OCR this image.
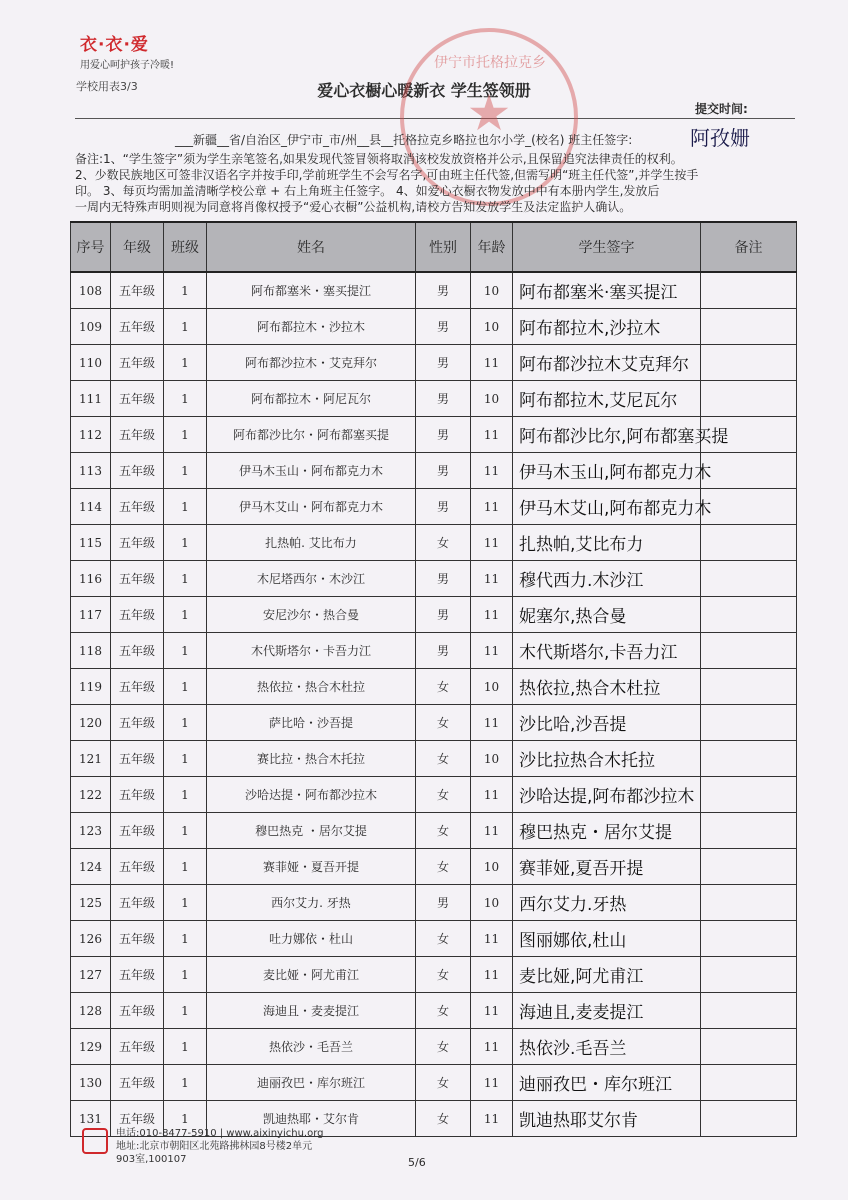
衣·衣·爱
用爱心呵护孩子冷暖!
学校用表3/3	爱心衣橱心暖新衣 学生签领册
提交时间:
伊宁市托格拉克乡
★
___新疆__省/自治区_伊宁市_市/州__县__托格拉克乡略拉也尔小学_(校名) 班主任签字:	阿孜姗
备注:1、“学生签字”须为学生亲笔签名,如果发现代签冒领将取消该校发放资格并公示,且保留追究法律责任的权利。
2、少数民族地区可签非汉语名字并按手印,学前班学生不会写名字,可由班主任代签,但需写明“班主任代签”,并学生按手
印。 3、每页均需加盖清晰学校公章 + 右上角班主任签字。 4、如爱心衣橱衣物发放中中有本册内学生,发放后
一周内无特殊声明则视为同意将肖像权授予“爱心衣橱”公益机构,请校方告知发放学生及法定监护人确认。
序号	年级	班级	姓名	性别	年龄	学生签字	备注
108	五年级	1	阿布都塞米・塞买提江	男	10	阿布都塞米·塞买提江	
109	五年级	1	阿布都拉木・沙拉木	男	10	阿布都拉木,沙拉木	
110	五年级	1	阿布都沙拉木・艾克拜尔	男	11	阿布都沙拉木艾克拜尔	
111	五年级	1	阿布都拉木・阿尼瓦尔	男	10	阿布都拉木,艾尼瓦尔	
112	五年级	1	阿布都沙比尔・阿布都塞买提	男	11	阿布都沙比尔,阿布都塞买提	
113	五年级	1	伊马木玉山・阿布都克力木	男	11	伊马木玉山,阿布都克力木	
114	五年级	1	伊马木艾山・阿布都克力木	男	11	伊马木艾山,阿布都克力木	
115	五年级	1	扎热帕. 艾比布力	女	11	扎热帕,艾比布力	
116	五年级	1	木尼塔西尔・木沙江	男	11	穆代西力.木沙江	
117	五年级	1	安尼沙尔・热合曼	男	11	妮塞尔,热合曼	
118	五年级	1	木代斯塔尔・卡吾力江	男	11	木代斯塔尔,卡吾力江	
119	五年级	1	热依拉・热合木杜拉	女	10	热依拉,热合木杜拉	
120	五年级	1	萨比哈・沙吾提	女	11	沙比哈,沙吾提	
121	五年级	1	赛比拉・热合木托拉	女	10	沙比拉热合木托拉	
122	五年级	1	沙哈达提・阿布都沙拉木	女	11	沙哈达提,阿布都沙拉木	
123	五年级	1	穆巴热克 ・居尔艾提	女	11	穆巴热克・居尔艾提	
124	五年级	1	赛菲娅・夏吾开提	女	10	赛菲娅,夏吾开提	
125	五年级	1	西尔艾力. 牙热	男	10	西尔艾力.牙热	
126	五年级	1	吐力娜依・杜山	女	11	图丽娜依,杜山	
127	五年级	1	麦比娅・阿尤甫江	女	11	麦比娅,阿尤甫江	
128	五年级	1	海迪且・麦麦提江	女	11	海迪且,麦麦提江	
129	五年级	1	热依沙・毛吾兰	女	11	热依沙.毛吾兰	
130	五年级	1	迪丽孜巴・库尔班江	女	11	迪丽孜巴・库尔班江	
131	五年级	1	凯迪热耶・艾尔肯	女	11	凯迪热耶艾尔肯	
电话:010-8477-5910 | www.aixinyichu.org
地址:北京市朝阳区北苑路拂林园8号楼2单元
903室,100107	5/6
